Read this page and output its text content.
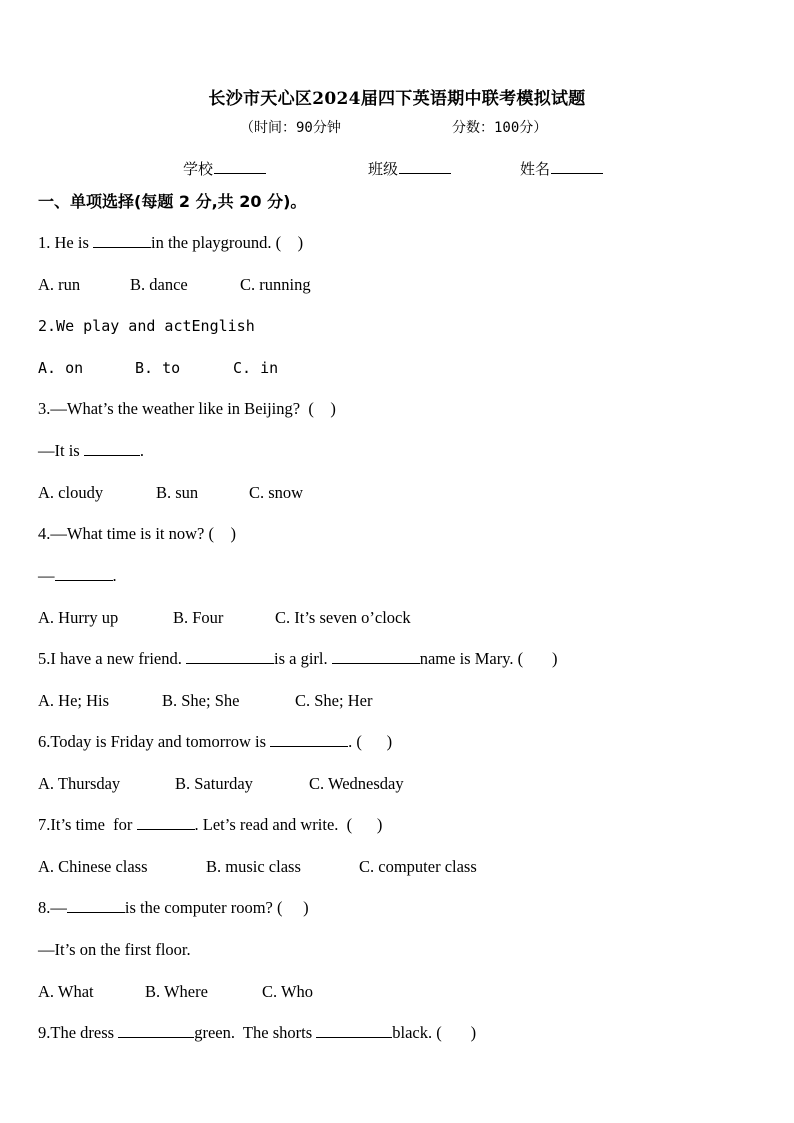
长沙市天心区2024届四下英语期中联考模拟试题
（时间：90分钟	分数：100分）
学校	班级	姓名
一、单项选择(每题 2 分,共 20 分)。
1. He is	in the playground. (    )
A. run	B. dance	C. running
2.We play and actEnglish
A. on	B. to	C. in
3.—What’s the weather like in Beijing?  (    )
—It is	.
A. cloudy	B. sun	C. snow
4.—What time is it now? (    )
—	.
A. Hurry up	B. Four	C. It’s seven o’clock
5.I have a new friend.	is a girl.	name is Mary. (       )
A. He; His	B. She; She	C. She; Her
6.Today is Friday and tomorrow is	. (      )
A. Thursday	B. Saturday	C. Wednesday
7.It’s time  for	. Let’s read and write.  (      )
A. Chinese class	B. music class	C. computer class
8.—	is the computer room? (     )
—It’s on the first floor.
A. What	B. Where	C. Who
9.The dress	green.  The shorts	black. (       )
